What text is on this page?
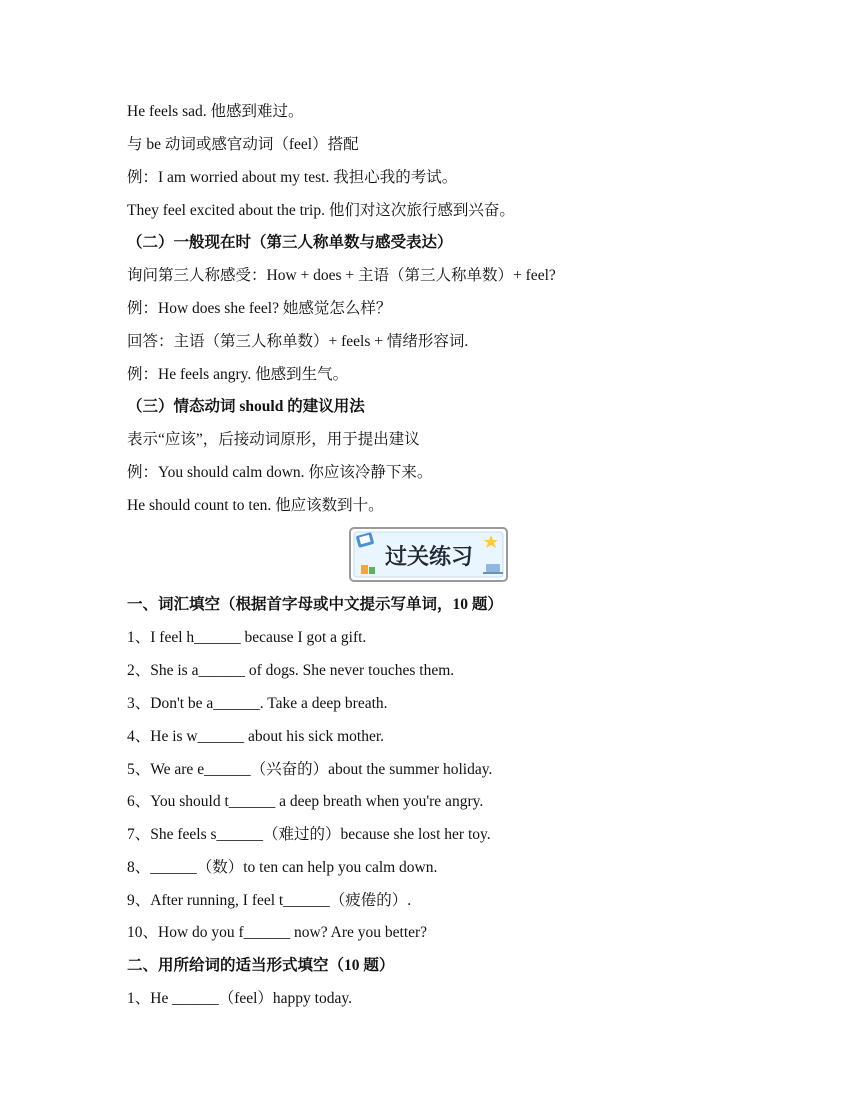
He feels sad. 他感到难过。

与 be 动词或感官动词（feel）搭配

例：I am worried about my test. 我担心我的考试。

They feel excited about the trip. 他们对这次旅行感到兴奋。

（二）一般现在时（第三人称单数与感受表达）

询问第三人称感受：How + does + 主语（第三人称单数）+ feel?

例：How does she feel? 她感觉怎么样？

回答：主语（第三人称单数）+ feels + 情绪形容词.

例：He feels angry. 他感到生气。

（三）情态动词 should 的建议用法

表示“应该”，后接动词原形，用于提出建议

例：You should calm down. 你应该冷静下来。

He should count to ten. 他应该数到十。

过关练习

一、词汇填空（根据首字母或中文提示写单词，10 题）

1、I feel h______ because I got a gift.

2、She is a______ of dogs. She never touches them.

3、Don't be a______. Take a deep breath.

4、He is w______ about his sick mother.

5、We are e______（兴奋的）about the summer holiday.

6、You should t______ a deep breath when you're angry.

7、She feels s______（难过的）because she lost her toy.

8、______（数）to ten can help you calm down.

9、After running, I feel t______（疲倦的）.

10、How do you f______ now? Are you better?

二、用所给词的适当形式填空（10 题）

1、He ______（feel）happy today.
